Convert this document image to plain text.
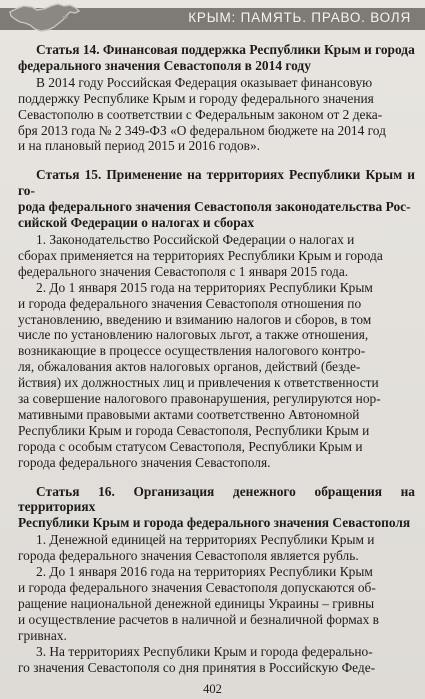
КРЫМ: ПАМЯТЬ. ПРАВО. ВОЛЯ
Статья 14. Финансовая поддержка Республики Крым и города
федерального значения Севастополя в 2014 году

В 2014 году Российская Федерация оказывает финансовую
поддержку Республике Крым и городу федерального значения
Севастополю в соответствии с Федеральным законом от 2 дека-
бря 2013 года № 2 349-ФЗ «О федеральном бюджете на 2014 год
и на плановый период 2015 и 2016 годов».

Статья 15. Применение на территориях Республики Крым и го-
рода федерального значения Севастополя законодательства Рос-
сийской Федерации о налогах и сборах

1. Законодательство Российской Федерации о налогах и
сборах применяется на территориях Республики Крым и города
федерального значения Севастополя с 1 января 2015 года.

2. До 1 января 2015 года на территориях Республики Крым
и города федерального значения Севастополя отношения по
установлению, введению и взиманию налогов и сборов, в том
числе по установлению налоговых льгот, а также отношения,
возникающие в процессе осуществления налогового контро-
ля, обжалования актов налоговых органов, действий (безде-
йствия) их должностных лиц и привлечения к ответственности
за совершение налогового правонарушения, регулируются нор-
мативными правовыми актами соответственно Автономной
Республики Крым и города Севастополя, Республики Крым и
города с особым статусом Севастополя, Республики Крым и
города федерального значения Севастополя.

Статья 16. Организация денежного обращения на территориях
Республики Крым и города федерального значения Севастополя

1. Денежной единицей на территориях Республики Крым и
города федерального значения Севастополя является рубль.

2. До 1 января 2016 года на территориях Республики Крым
и города федерального значения Севастополя допускаются об-
ращение национальной денежной единицы Украины – гривны
и осуществление расчетов в наличной и безналичной формах в
гривнах.

3. На территориях Республики Крым и города федерально-
го значения Севастополя со дня принятия в Российскую Феде-

402
